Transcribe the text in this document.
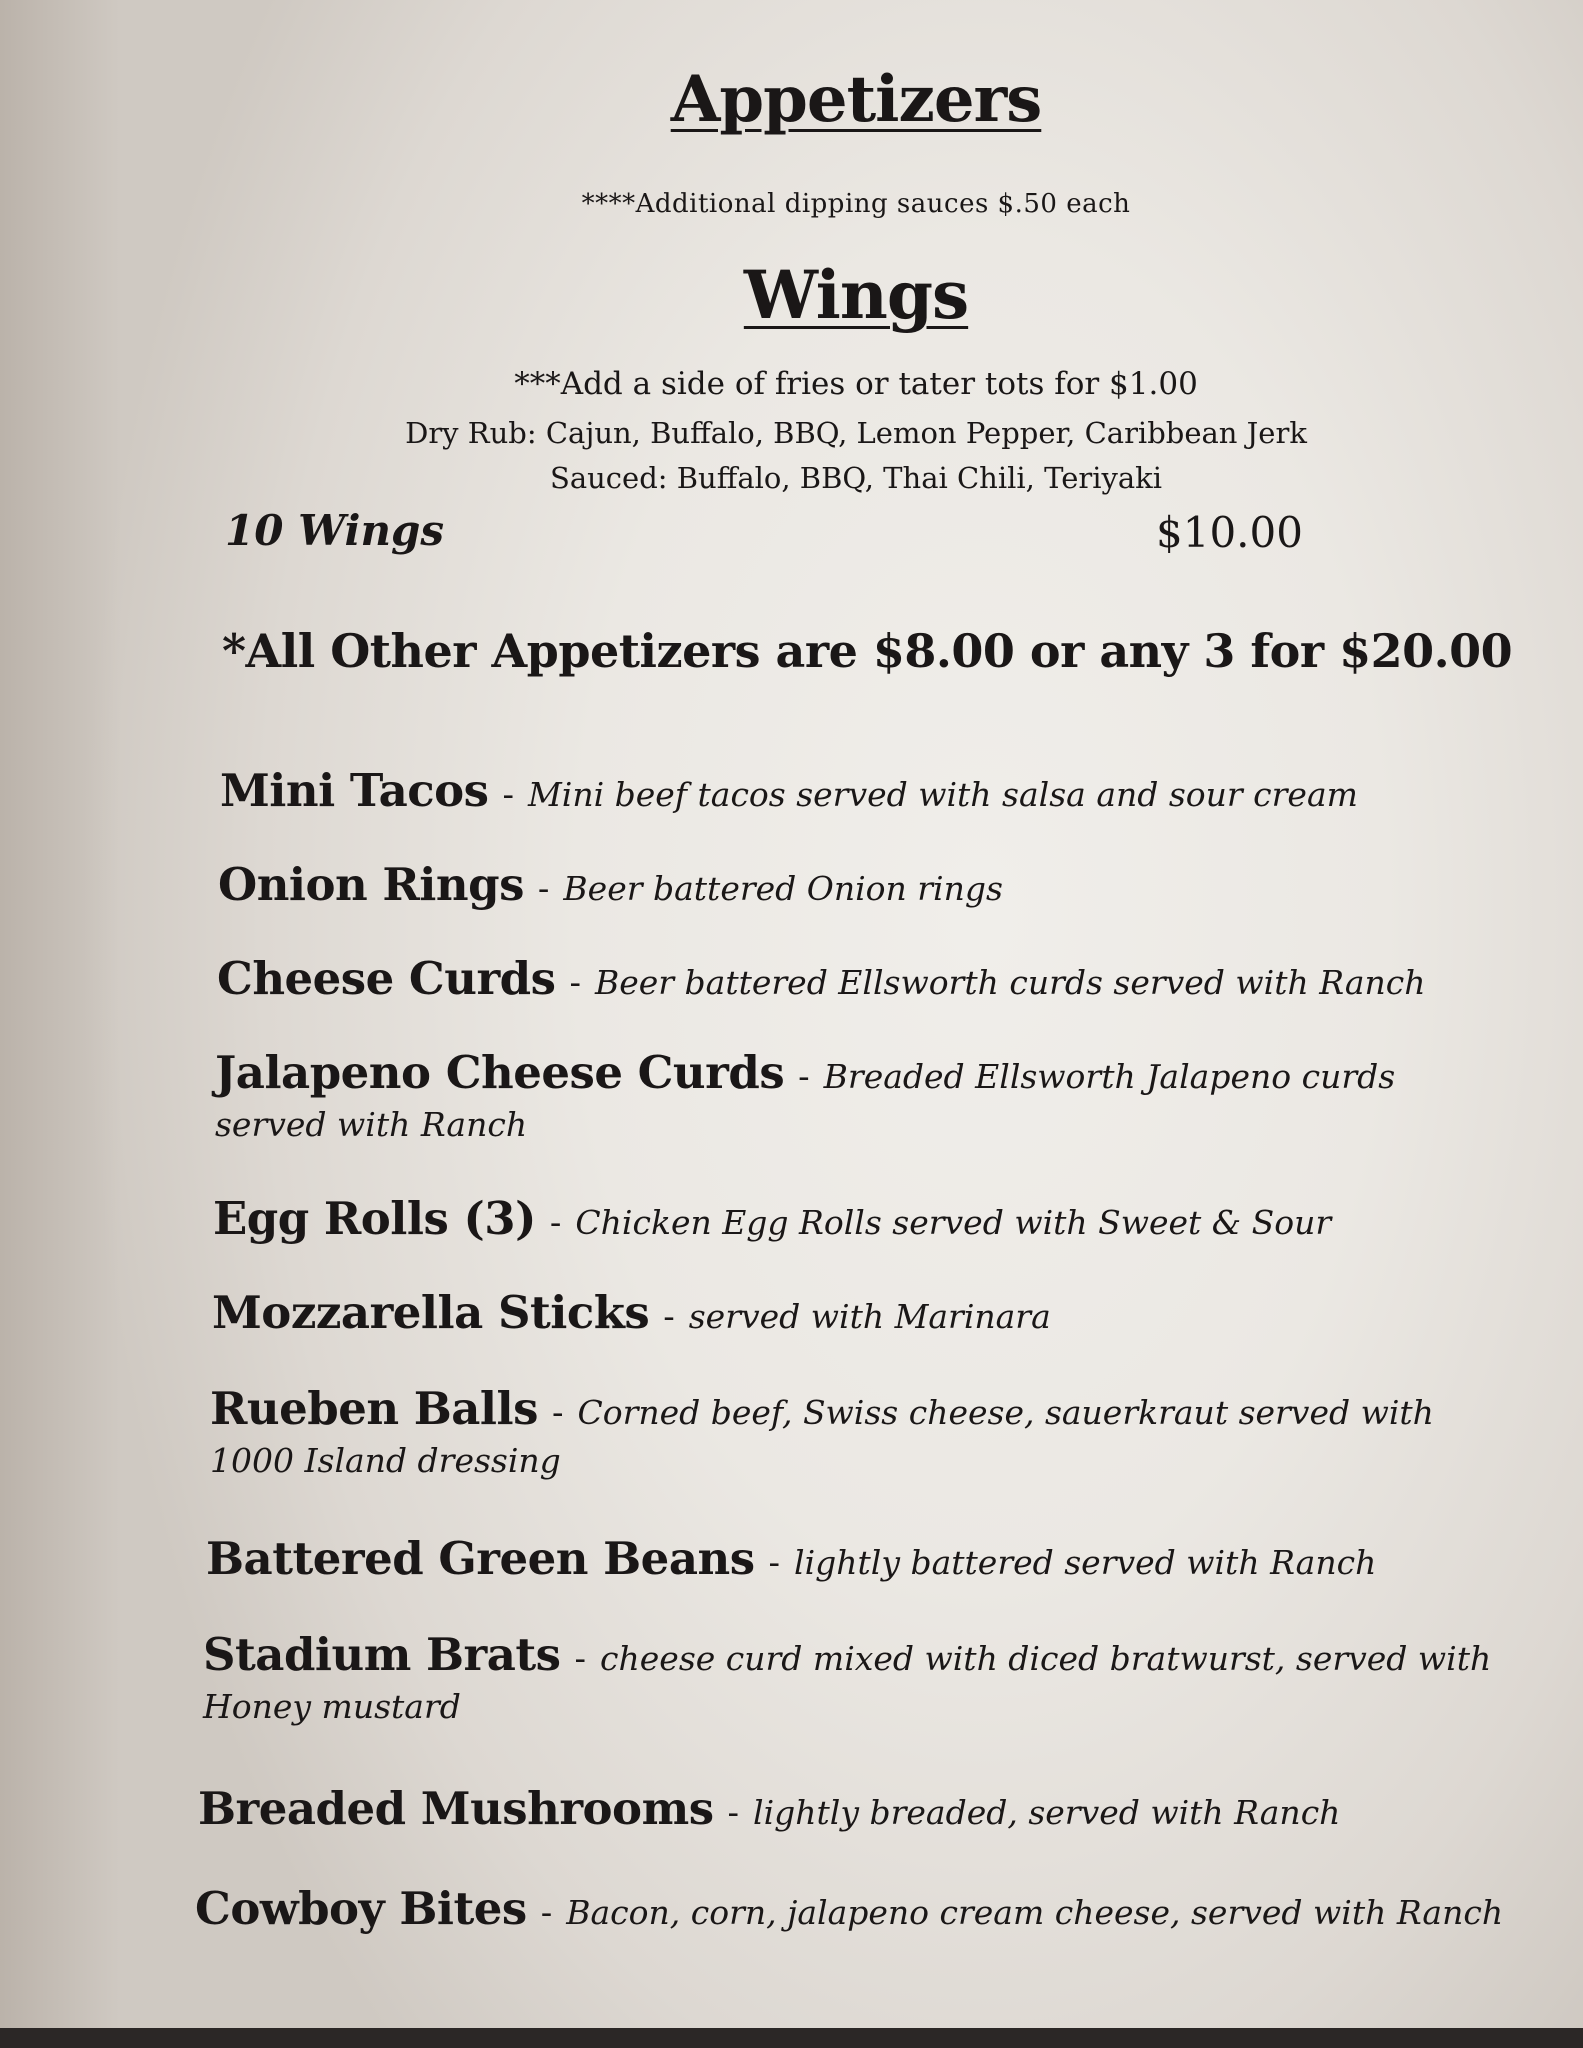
Appetizers
****Additional dipping sauces $.50 each
Wings
***Add a side of fries or tater tots for $1.00
Dry Rub: Cajun, Buffalo, BBQ, Lemon Pepper, Caribbean Jerk
Sauced: Buffalo, BBQ, Thai Chili, Teriyaki
10 Wings	$10.00
*All Other Appetizers are $8.00 or any 3 for $20.00
Mini Tacos - Mini beef tacos served with salsa and sour cream
Onion Rings - Beer battered Onion rings
Cheese Curds - Beer battered Ellsworth curds served with Ranch
Jalapeno Cheese Curds - Breaded Ellsworth Jalapeno curds
served with Ranch
Egg Rolls (3) - Chicken Egg Rolls served with Sweet & Sour
Mozzarella Sticks - served with Marinara
Rueben Balls - Corned beef, Swiss cheese, sauerkraut served with
1000 Island dressing
Battered Green Beans - lightly battered served with Ranch
Stadium Brats - cheese curd mixed with diced bratwurst, served with
Honey mustard
Breaded Mushrooms - lightly breaded, served with Ranch
Cowboy Bites - Bacon, corn, jalapeno cream cheese, served with Ranch
